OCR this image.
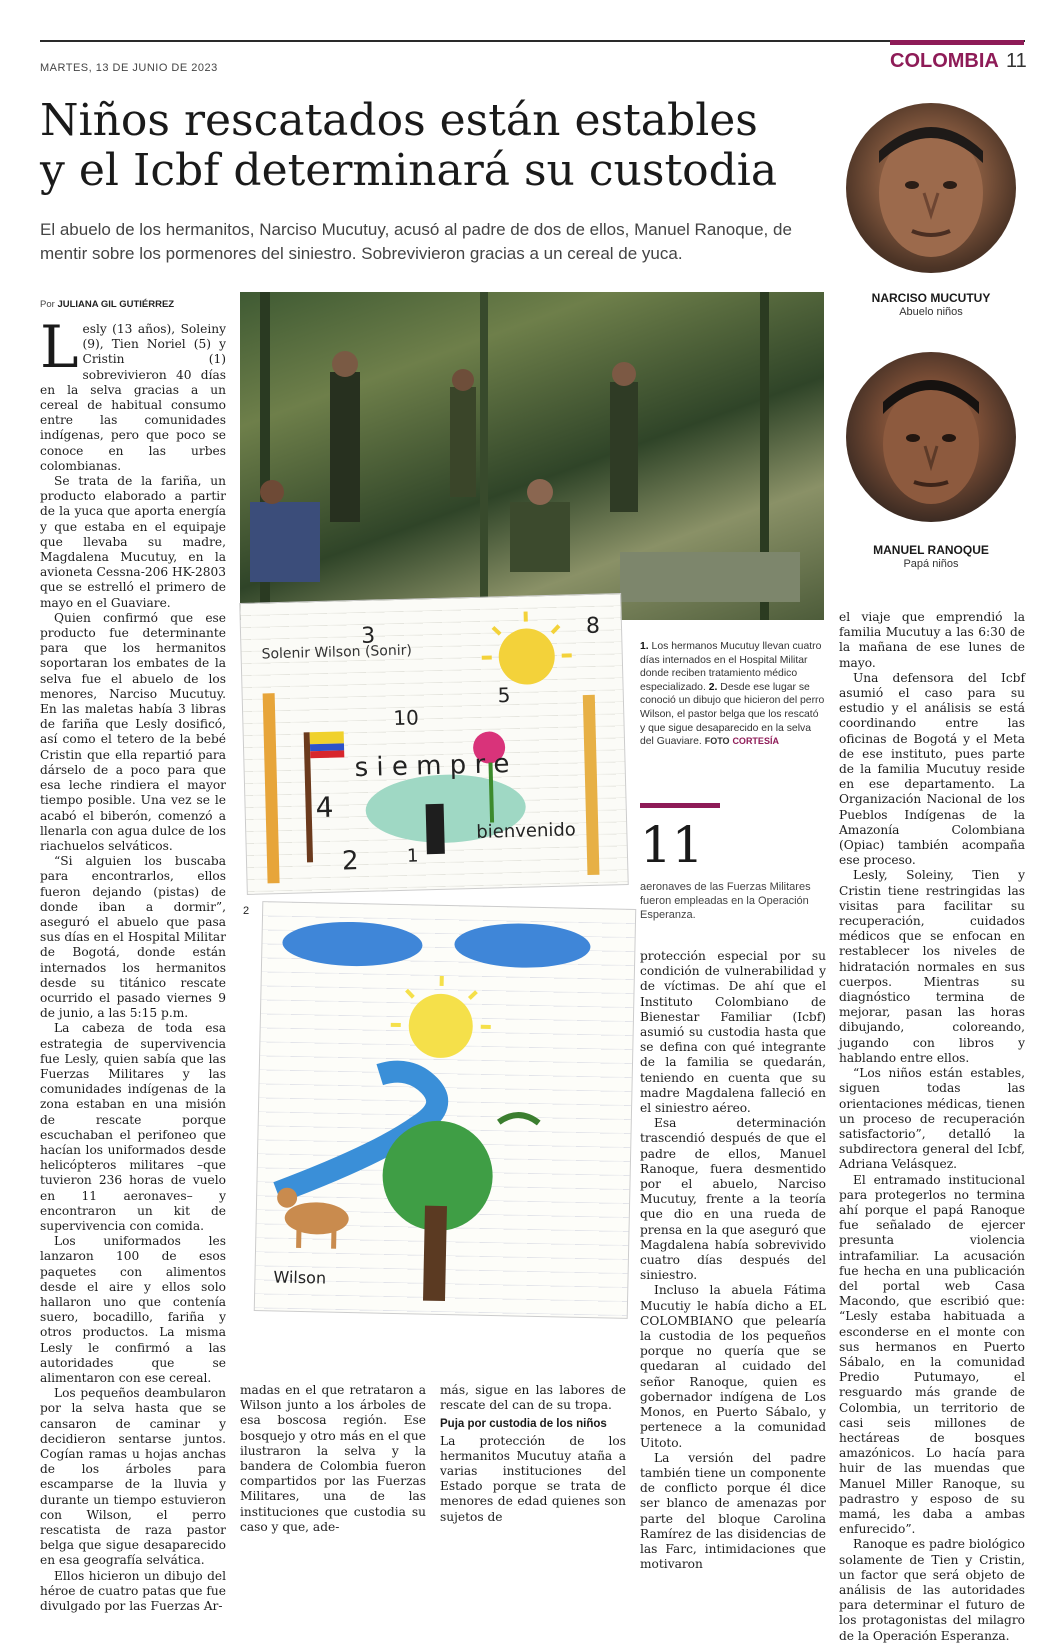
MARTES, 13 DE JUNIO DE 2023	COLOMBIA 11
Niños rescatados están estables
y el Icbf determinará su custodia
El abuelo de los hermanitos, Narciso Mucutuy, acusó al padre de dos de ellos, Manuel Ranoque, de mentir sobre los pormenores del siniestro. Sobrevivieron gracias a un cereal de yuca.
NARCISO MUCUTUY
Abuelo niños
MANUEL RANOQUE
Papá niños
Por JULIANA GIL GUTIÉRREZ

Lesly (13 años), Soleiny (9), Tien Noriel (5) y Cristin (1) sobrevivieron 40 días en la selva gracias a un cereal de habitual consumo entre las comunidades indígenas, pero que poco se conoce en las urbes colombianas.

Se trata de la fariña, un producto elaborado a partir de la yuca que aporta energía y que estaba en el equipaje que llevaba su madre, Magdalena Mucutuy, en la avioneta Cessna-206 HK-2803 que se estrelló el primero de mayo en el Guaviare.

Quien confirmó que ese producto fue determinante para que los hermanitos soportaran los embates de la selva fue el abuelo de los menores, Narciso Mucutuy. En las maletas había 3 libras de fariña que Lesly dosificó, así como el tetero de la bebé Cristin que ella repartió para dárselo de a poco para que esa leche rindiera el mayor tiempo posible. Una vez se le acabó el biberón, comenzó a llenarla con agua dulce de los riachuelos selváticos.

“Si alguien los buscaba para encontrarlos, ellos fueron dejando (pistas) de donde iban a dormir”, aseguró el abuelo que pasa sus días en el Hospital Militar de Bogotá, donde están internados los hermanitos desde su titánico rescate ocurrido el pasado viernes 9 de junio, a las 5:15 p.m.

La cabeza de toda esa estrategia de supervivencia fue Lesly, quien sabía que las Fuerzas Militares y las comunidades indígenas de la zona estaban en una misión de rescate porque escuchaban el perifoneo que hacían los uniformados desde helicópteros militares –que tuvieron 236 horas de vuelo en 11 aeronaves– y encontraron un kit de supervivencia con comida.

Los uniformados les lanzaron 100 de esos paquetes con alimentos desde el aire y ellos solo hallaron uno que contenía suero, bocadillo, fariña y otros productos. La misma Lesly le confirmó a las autoridades que se alimentaron con ese cereal.

Los pequeños deambularon por la selva hasta que se cansaron de caminar y decidieron sentarse juntos. Cogían ramas u hojas anchas de los árboles para escamparse de la lluvia y durante un tiempo estuvieron con Wilson, el perro rescatista de raza pastor belga que sigue desaparecido en esa geografía selvática.

Ellos hicieron un dibujo del héroe de cuatro patas que fue divulgado por las Fuerzas Ar-

Solenir Wilson (Sonir)
3	8
10
5
s i e m p r e
4
2	1
bienvenido
1. Los hermanos Mucutuy llevan cuatro días internados en el Hospital Militar donde reciben tratamiento médico especializado. 2. Desde ese lugar se conoció un dibujo que hicieron del perro Wilson, el pastor belga que los rescató y que sigue desaparecido en la selva del Guaviare. FOTO CORTESÍA
11
aeronaves de las Fuerzas Militares fueron empleadas en la Operación Esperanza.
2
Wilson

madas en el que retrataron a Wilson junto a los árboles de esa boscosa región. Ese bosquejo y otro más en el que ilustraron la selva y la bandera de Colombia fueron compartidos por las Fuerzas Militares, una de las instituciones que custodia su caso y que, ade-

más, sigue en las labores de rescate del can de su tropa.

Puja por custodia de los niños

La protección de los hermanitos Mucutuy ataña a varias instituciones del Estado porque se trata de menores de edad quienes son sujetos de

protección especial por su condición de vulnerabilidad y de víctimas. De ahí que el Instituto Colombiano de Bienestar Familiar (Icbf) asumió su custodia hasta que se defina con qué integrante de la familia se quedarán, teniendo en cuenta que su madre Magdalena falleció en el siniestro aéreo.

Esa determinación trascendió después de que el padre de ellos, Manuel Ranoque, fuera desmentido por el abuelo, Narciso Mucutuy, frente a la teoría que dio en una rueda de prensa en la que aseguró que Magdalena había sobrevivido cuatro días después del siniestro.

Incluso la abuela Fátima Mucutiy le había dicho a EL COLOMBIANO que pelearía la custodia de los pequeños porque no quería que se quedaran al cuidado del señor Ranoque, quien es gobernador indígena de Los Monos, en Puerto Sábalo, y pertenece a la comunidad Uitoto.

La versión del padre también tiene un componente de conflicto porque él dice ser blanco de amenazas por parte del bloque Carolina Ramírez de las disidencias de las Farc, intimidaciones que motivaron

el viaje que emprendió la familia Mucutuy a las 6:30 de la mañana de ese lunes de mayo.

Una defensora del Icbf asumió el caso para su estudio y el análisis se está coordinando entre las oficinas de Bogotá y el Meta de ese instituto, pues parte de la familia Mucutuy reside en ese departamento. La Organización Nacional de los Pueblos Indígenas de la Amazonía Colombiana (Opiac) también acompaña ese proceso.

Lesly, Soleiny, Tien y Cristin tiene restringidas las visitas para facilitar su recuperación, cuidados médicos que se enfocan en restablecer los niveles de hidratación normales en sus cuerpos. Mientras su diagnóstico termina de mejorar, pasan las horas dibujando, coloreando, jugando con libros y hablando entre ellos.

“Los niños están estables, siguen todas las orientaciones médicas, tienen un proceso de recuperación satisfactorio”, detalló la subdirectora general del Icbf, Adriana Velásquez.

El entramado institucional para protegerlos no termina ahí porque el papá Ranoque fue señalado de ejercer presunta violencia intrafamiliar. La acusación fue hecha en una publicación del portal web Casa Macondo, que escribió que: “Lesly estaba habituada a esconderse en el monte con sus hermanos en Puerto Sábalo, en la comunidad Predio Putumayo, el resguardo más grande de Colombia, un territorio de casi seis millones de hectáreas de bosques amazónicos. Lo hacía para huir de las muendas que Manuel Miller Ranoque, su padrastro y esposo de su mamá, les daba a ambas enfurecido”.

Ranoque es padre biológico solamente de Tien y Cristin, un factor que será objeto de análisis de las autoridades para determinar el futuro de los protagonistas del milagro de la Operación Esperanza.
